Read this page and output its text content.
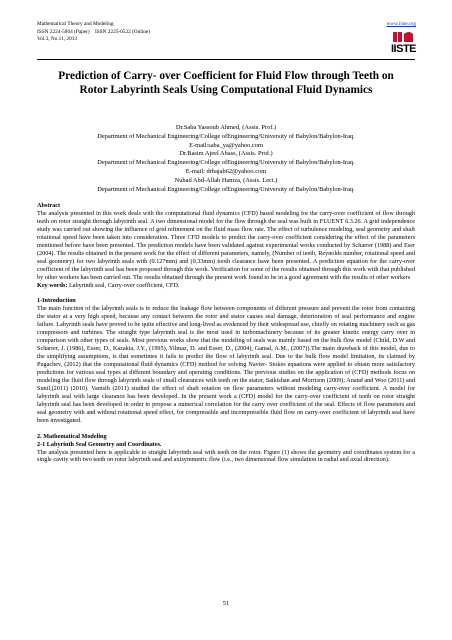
Mathematical Theory and Modeling
ISSN 2224-5804 (Paper)    ISSN 2225-0522 (Online)
Vol.3, No.11, 2013
www.iiste.org
IISTE
Prediction of Carry- over Coefficient for Fluid Flow through Teeth on Rotor Labyrinth Seals Using Computational Fluid Dynamics
Dr.Saba Yassoub Ahmed, (Assis. Prof.)
Department of Mechanical Engineering/College ofEngineering/University of Babylon/Babylon-Iraq.
E-mail:saba_ya@yahoo.com
Dr.Basim Ajeel Abass, (Assis. Prof.)
Department of Mechanical Engineering/College ofEngineering/University of Babylon/Babylon-Iraq.
E-mail: drbajab62@yahoo.com
Nuhad Abd-Allah Hamza, (Assis. Lect.)
Department of Mechanical Engineering/College ofEngineering/University of Babylon/Babylon-Iraq.
Abstract

The analysis presented in this work deals with the computational fluid dynamics (CFD) based modeling for the carry-over coefficient of flow through teeth on rotor straight through labyrinth seal. A two dimensional model for the flow through the seal was built in FLUENT 6.3.26. A grid independence study was carried out showing the influence of grid refinement on the fluid mass flow rate. The effect of turbulence modeling, seal geometry and shaft rotational speed have been taken into consideration. Three CFD models to predict the carry-over coefficient considering the effect of the parameters mentioned before have been presented. The prediction models have been validated against experimental works conducted by Scharrer (1988) and Eser (2004). The results obtained in the present work for the effect of different parameters, namely, (Number of teeth, Reynolds number, rotational speed and seal geometry) for two labyrinth seals with (0.127mm) and (0.33mm) tooth clearance have been presented. A prediction equation for the carry-over coefficient of the labyrinth seal has been proposed through this work. Verification for some of the results obtained through this work with that published by other workers has been carried out. The results obtained through the present work found to be in a good agreement with the results of other workers

Key words: Labyrinth seal, Carry-over coefficient, CFD.
1-Introduction

The main function of the labyrinth seals is to reduce the leakage flow between components of different pressure and prevent the rotor from contacting the stator at a very high speed, because any contact between the rotor and stator causes seal damage, deterioration of seal performance and engine failure. Labyrinth seals have proved to be quite effective and long-lived as evidenced by their widespread use, chiefly on rotating machinery such as gas compressors and turbines. The straight type labyrinth seal is the most used in turbomachinery because of its greater kinetic energy carry over in comparison with other types of seals. Most previous works show that the modeling of seals was mainly based on the bulk flow model (Child, D.W and Scharrer, J. (1986), Esser, D., Kazakia, J.Y., (1995), Yilmaz, D. and Esser, D., (2004), Gamal, A.M., (2007)).The main drawback of this model, due to the simplifying assumptions, is that sometimes it fails to predict the flow of labyrinth seal. Due to the bulk flow model limitation, its claimed by Pugachev, (2012) that the computational fluid dynamics (CFD) method for solving Navier- Stokes equations were applied to obtain more satisfactory predictions for various seal types at different boundary and operating conditions. The previous studies on the application of (CFD) methods focus on modeling the fluid flow through labyrinth seals of small clearances with teeth on the stator, Saikishan and Morrison (2009); Anand and Woo (2011) and Sunil,(2011) (2010). Vamsih (2011) studied the effect of shaft rotation on flow parameters without modeling carry-over coefficient. A model for labyrinth seal with large clearance has been developed. In the present work a (CFD) model for the carry-over coefficient of teeth on rotor straight labyrinth seal has been developed in order to propose a numerical correlation for the carry over coefficient of the seal. Effects of flow parameters and seal geometry with and without rotational speed effect, for compressible and incompressible fluid flow on carry-over coefficient of labyrinth seal have been investigated.

2. Mathematical Modeling
2-1 Labyrinth Seal Geometry and Coordinates.

The analysis presented here is applicable to straight labyrinth seal with teeth on the rotor. Figure (1) shows the geometry and coordinates system for a single cavity with two teeth on rotor labyrinth seal and axisymmetric flow (i.e., two dimensional flow simulation in radial and axial direction).

51
